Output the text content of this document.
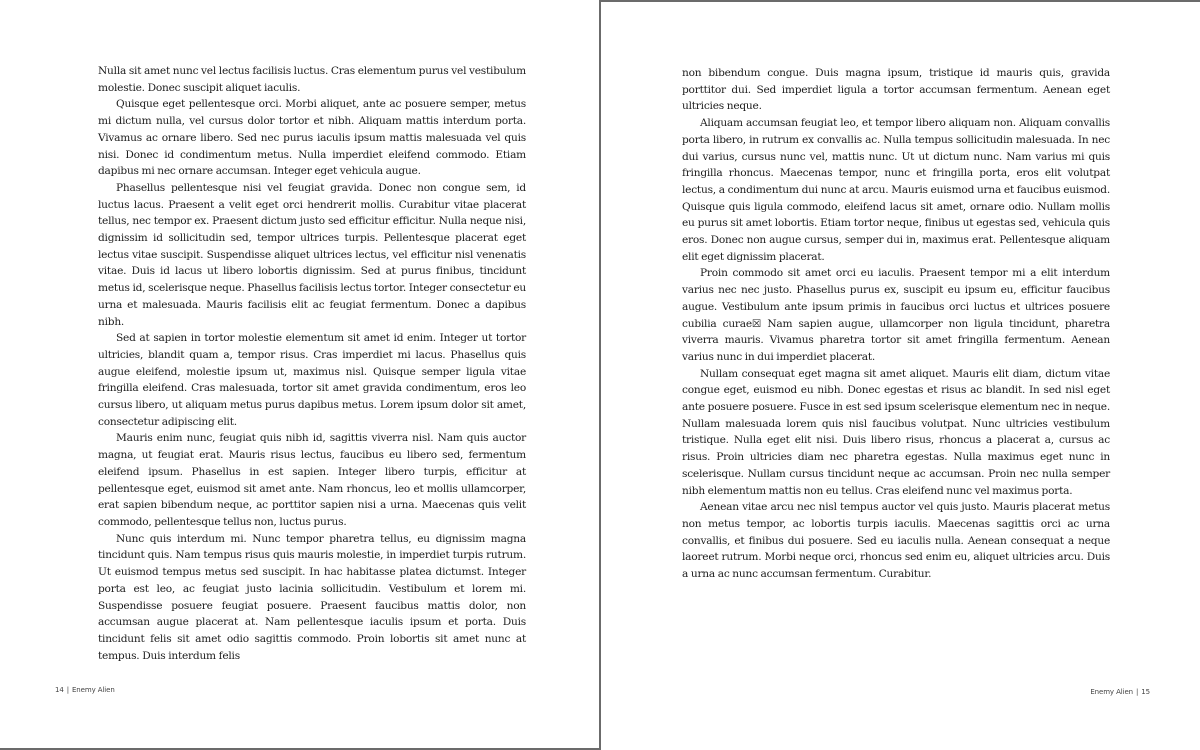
Nulla sit amet nunc vel lectus facilisis luctus. Cras elementum purus vel vestibulum molestie. Donec suscipit aliquet iaculis.

Quisque eget pellentesque orci. Morbi aliquet, ante ac posuere semper, metus mi dictum nulla, vel cursus dolor tortor et nibh. Aliquam mattis interdum porta. Vivamus ac ornare libero. Sed nec purus iaculis ipsum mattis malesuada vel quis nisi. Donec id condimentum metus. Nulla imperdiet eleifend commodo. Etiam dapibus mi nec ornare accumsan. Integer eget vehicula augue.

Phasellus pellentesque nisi vel feugiat gravida. Donec non congue sem, id luctus lacus. Praesent a velit eget orci hendrerit mollis. Curabitur vitae placerat tellus, nec tempor ex. Praesent dictum justo sed efficitur efficitur. Nulla neque nisi, dignissim id sollicitudin sed, tempor ultrices turpis. Pellentesque placerat eget lectus vitae suscipit. Suspendisse aliquet ultrices lectus, vel efficitur nisl venenatis vitae. Duis id lacus ut libero lobortis dignissim. Sed at purus finibus, tincidunt metus id, scelerisque neque. Phasellus facilisis lectus tortor. Integer consectetur eu urna et malesuada. Mauris facilisis elit ac feugiat fermentum. Donec a dapibus nibh.

Sed at sapien in tortor molestie elementum sit amet id enim. Integer ut tortor ultricies, blandit quam a, tempor risus. Cras imperdiet mi lacus. Phasellus quis augue eleifend, molestie ipsum ut, maximus nisl. Quisque semper ligula vitae fringilla eleifend. Cras malesuada, tortor sit amet gravida condimentum, eros leo cursus libero, ut aliquam metus purus dapibus metus. Lorem ipsum dolor sit amet, consectetur adipiscing elit.

Mauris enim nunc, feugiat quis nibh id, sagittis viverra nisl. Nam quis auctor magna, ut feugiat erat. Mauris risus lectus, faucibus eu libero sed, fermentum eleifend ipsum. Phasellus in est sapien. Integer libero turpis, efficitur at pellentesque eget, euismod sit amet ante. Nam rhoncus, leo et mollis ullamcorper, erat sapien bibendum neque, ac porttitor sapien nisi a urna. Maecenas quis velit commodo, pellentesque tellus non, luctus purus.

Nunc quis interdum mi. Nunc tempor pharetra tellus, eu dignissim magna tincidunt quis. Nam tempus risus quis mauris molestie, in imperdiet turpis rutrum. Ut euismod tempus metus sed suscipit. In hac habitasse platea dictumst. Integer porta est leo, ac feugiat justo lacinia sollicitudin. Vestibulum et lorem mi. Suspendisse posuere feugiat posuere. Praesent faucibus mattis dolor, non accumsan augue placerat at. Nam pellentesque iaculis ipsum et porta. Duis tincidunt felis sit amet odio sagittis commodo. Proin lobortis sit amet nunc at tempus. Duis interdum felis

14 | Enemy Alien

non bibendum congue. Duis magna ipsum, tristique id mauris quis, gravida porttitor dui. Sed imperdiet ligula a tortor accumsan fermentum. Aenean eget ultricies neque.

Aliquam accumsan feugiat leo, et tempor libero aliquam non. Aliquam convallis porta libero, in rutrum ex convallis ac. Nulla tempus sollicitudin malesuada. In nec dui varius, cursus nunc vel, mattis nunc. Ut ut dictum nunc. Nam varius mi quis fringilla rhoncus. Maecenas tempor, nunc et fringilla porta, eros elit volutpat lectus, a condimentum dui nunc at arcu. Mauris euismod urna et faucibus euismod. Quisque quis ligula commodo, eleifend lacus sit amet, ornare odio. Nullam mollis eu purus sit amet lobortis. Etiam tortor neque, finibus ut egestas sed, vehicula quis eros. Donec non augue cursus, semper dui in, maximus erat. Pellentesque aliquam elit eget dignissim placerat.

Proin commodo sit amet orci eu iaculis. Praesent tempor mi a elit interdum varius nec nec justo. Phasellus purus ex, suscipit eu ipsum eu, efficitur faucibus augue. Vestibulum ante ipsum primis in faucibus orci luctus et ultrices posuere cubilia curae☒ Nam sapien augue, ullamcorper non ligula tincidunt, pharetra viverra mauris. Vivamus pharetra tortor sit amet fringilla fermentum. Aenean varius nunc in dui imperdiet placerat.

Nullam consequat eget magna sit amet aliquet. Mauris elit diam, dictum vitae congue eget, euismod eu nibh. Donec egestas et risus ac blandit. In sed nisl eget ante posuere posuere. Fusce in est sed ipsum scelerisque elementum nec in neque. Nullam malesuada lorem quis nisl faucibus volutpat. Nunc ultricies vestibulum tristique. Nulla eget elit nisi. Duis libero risus, rhoncus a placerat a, cursus ac risus. Proin ultricies diam nec pharetra egestas. Nulla maximus eget nunc in scelerisque. Nullam cursus tincidunt neque ac accumsan. Proin nec nulla semper nibh elementum mattis non eu tellus. Cras eleifend nunc vel maximus porta.

Aenean vitae arcu nec nisl tempus auctor vel quis justo. Mauris placerat metus non metus tempor, ac lobortis turpis iaculis. Maecenas sagittis orci ac urna convallis, et finibus dui posuere. Sed eu iaculis nulla. Aenean consequat a neque laoreet rutrum. Morbi neque orci, rhoncus sed enim eu, aliquet ultricies arcu. Duis a urna ac nunc accumsan fermentum. Curabitur.

Enemy Alien | 15
